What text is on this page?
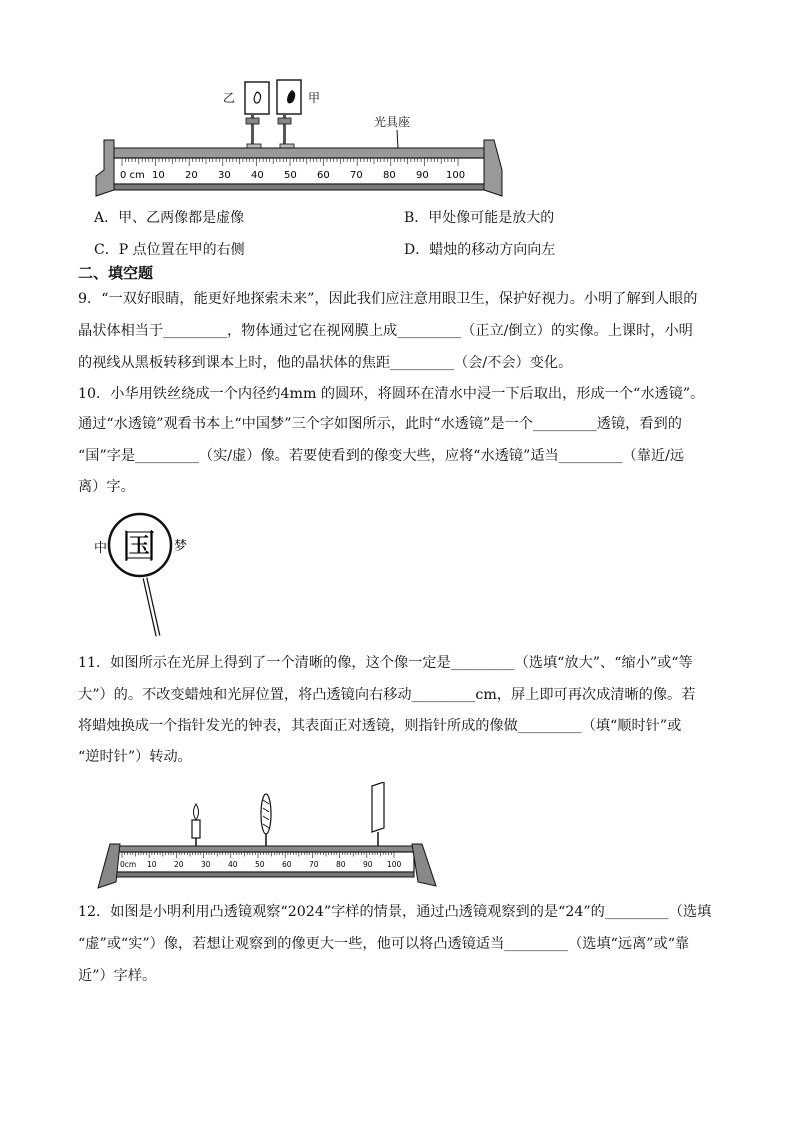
乙	甲
光具座
0 cm 10 20 30 40 50 60 70 80 90 100
A．甲、乙两像都是虚像	B．甲处像可能是放大的
C．P 点位置在甲的右侧	D．蜡烛的移动方向向左
二、填空题
9．“一双好眼睛，能更好地探索未来”，因此我们应注意用眼卫生，保护好视力。小明了解到人眼的
晶状体相当于_________，物体通过它在视网膜上成_________（正立/倒立）的实像。上课时，小明
的视线从黑板转移到课本上时，他的晶状体的焦距_________（会/不会）变化。
10．小华用铁丝绕成一个内径约4mm 的圆环，将圆环在清水中浸一下后取出，形成一个“水透镜”。
通过“水透镜”观看书本上“中国梦”三个字如图所示，此时“水透镜”是一个_________透镜，看到的
“国”字是_________（实/虚）像。若要使看到的像变大些，应将“水透镜”适当_________（靠近/远
离）字。
中 国 梦
11．如图所示在光屏上得到了一个清晰的像，这个像一定是_________（选填“放大”、“缩小”或“等
大”）的。不改变蜡烛和光屏位置，将凸透镜向右移动_________cm，屏上即可再次成清晰的像。若
将蜡烛换成一个指针发光的钟表，其表面正对透镜，则指针所成的像做_________（填“顺时针”或
“逆时针”）转动。
0cm 10 20 30 40 50 60 70 80 90 100
12．如图是小明利用凸透镜观察“2024”字样的情景，通过凸透镜观察到的是“24”的_________（选填
“虚”或“实”）像，若想让观察到的像更大一些，他可以将凸透镜适当_________（选填“远离”或“靠
近”）字样。
